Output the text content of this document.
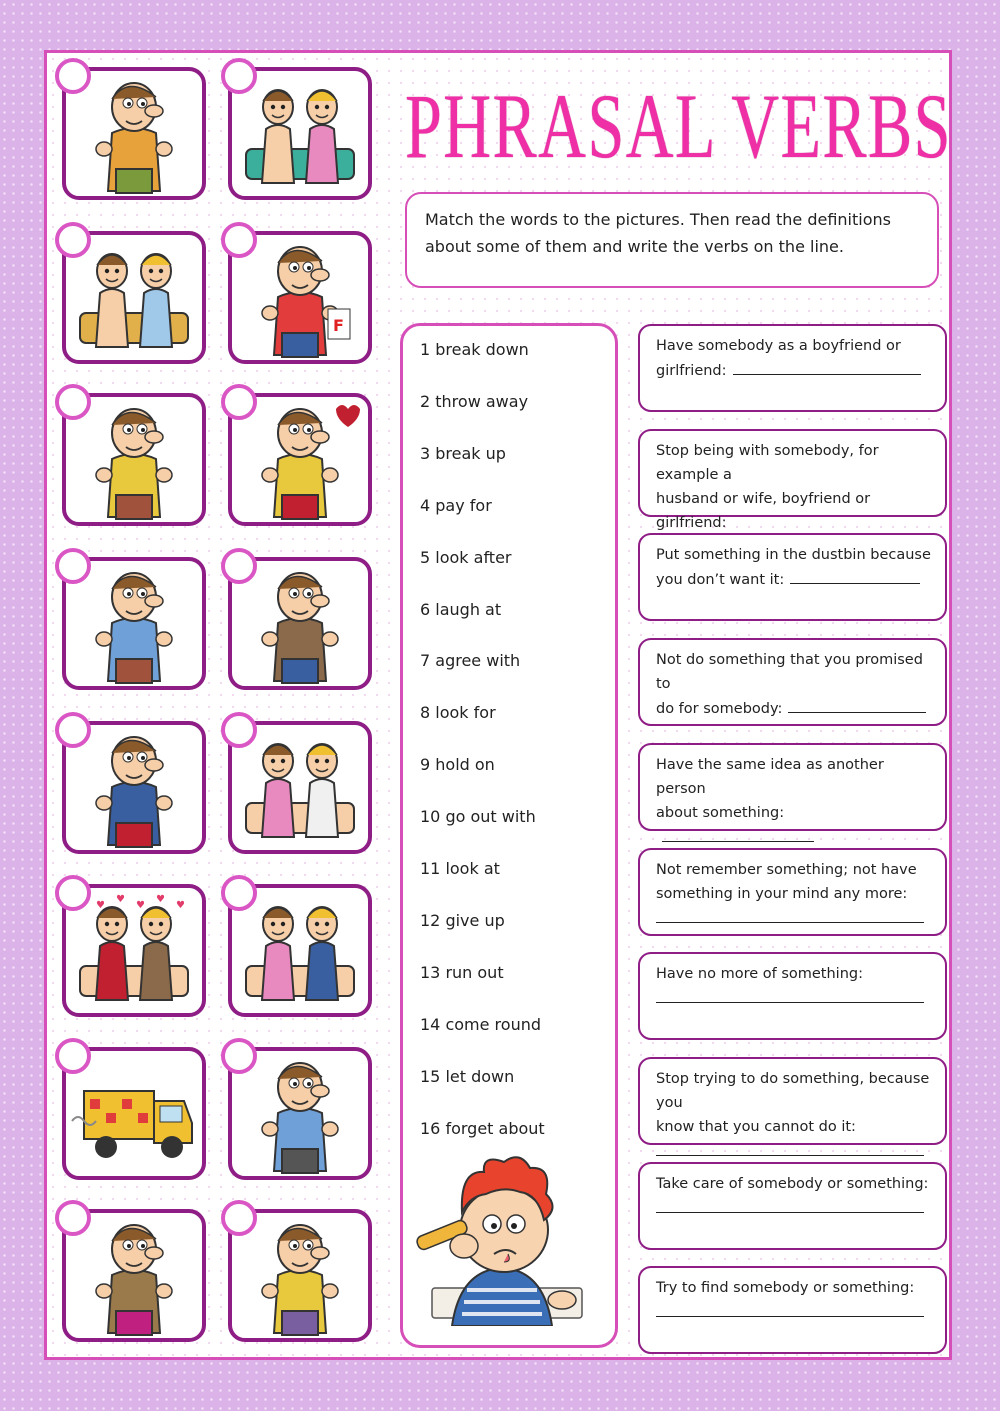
PHRASAL VERBS
Match the words to the pictures. Then read the definitions about some of them and write the verbs on the line.
F
♥
♥
♥
♥
♥
1 break down
2 throw away
3 break up
4 pay for
5 look after
6 laugh at
7 agree with
8 look for
9 hold on
10 go out with
11 look at
12 give up
13 run out
14 come round
15 let down
16 forget about
Have somebody as a boyfriend or
girlfriend:
Stop being with somebody, for example a
husband or wife, boyfriend or girlfriend:
Put something in the dustbin because
you don’t want it:
Not do something that you promised to
do for somebody:
Have the same idea as another person
about something:
Not remember something; not have
something in your mind any more:
Have no more of something:
Stop trying to do something, because you
know that you cannot do it:
Take care of somebody or something:
Try to find somebody or something:
